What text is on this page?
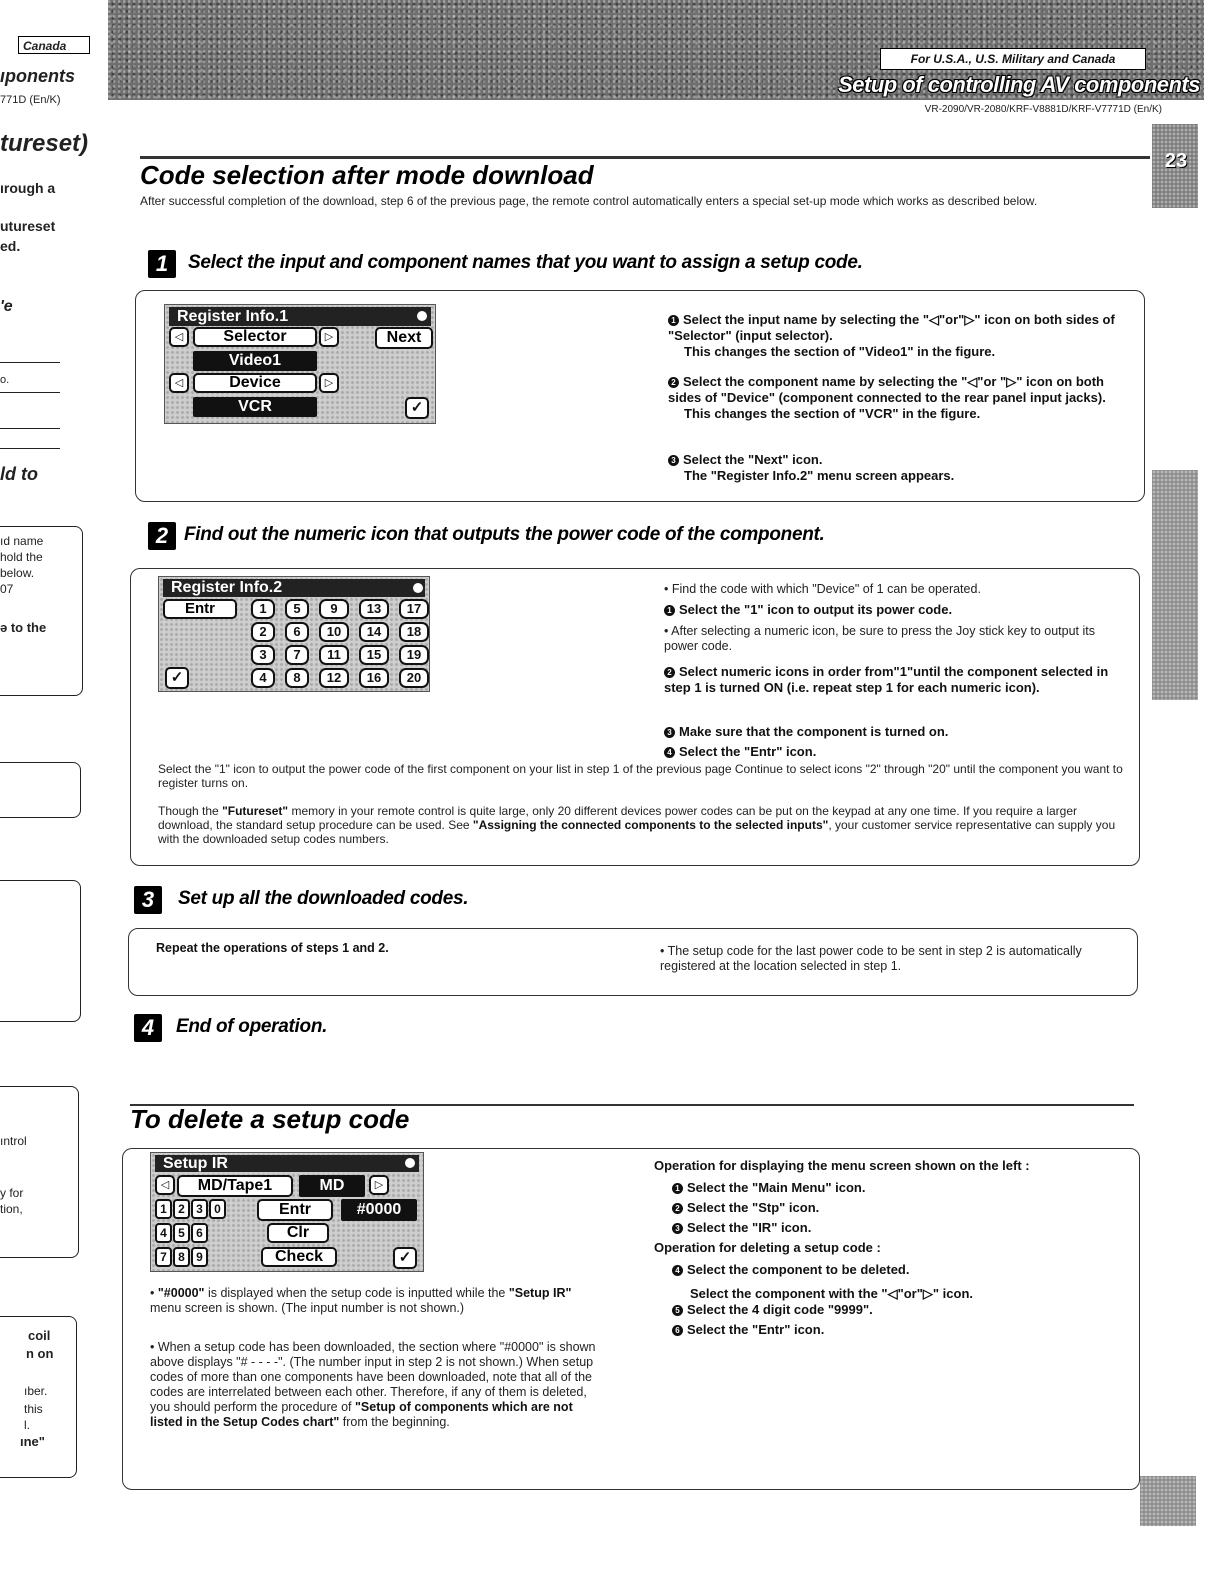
For U.S.A., U.S. Military and Canada
Setup of controlling AV components
VR-2090/VR-2080/KRF-V8881D/KRF-V7771D (En/K)
23
Canada
ıponents
771D (En/K)
tureset)
ırough a
utureset
ed.
'e
o.
ld to
ıd name
hold the
below.
07
ə to the
ıntrol
y for
tion,
coil
n on
ıber.
this
l.
ıne"
Code selection after mode download
After successful completion of the download, step 6 of the previous page, the remote control automatically enters a special set-up mode which works as described below.
1	Select the input and component names that you want to assign a setup code.
Register Info.1
◁	Selector	▷	Next
Video1
◁	Device	▷
VCR	✓
1 Select the input name by selecting the "◁"or"▷" icon on both sides of "Selector" (input selector).
This changes the section of "Video1" in the figure.
2 Select the component name by selecting the "◁"or "▷" icon on both sides of "Device" (component connected to the rear panel input jacks).
This changes the section of "VCR" in the figure.
3 Select the "Next" icon.
The "Register Info.2" menu screen appears.
2 Find out the numeric icon that outputs the power code of the component.
Register Info.2
Entr
✓
1	5	9	13	17
2	6	10	14	18
3	7	11	15	19
4	8	12	16	20
• Find the code with which "Device" of 1 can be operated.
1 Select the "1" icon to output its power code.
• After selecting a numeric icon, be sure to press the Joy stick key to output its power code.
2 Select numeric icons in order from"1"until the component selected in step 1 is turned ON (i.e. repeat step 1 for each numeric icon).
3 Make sure that the component is turned on.
4 Select the "Entr" icon.
Select the "1" icon to output the power code of the first component on your list in step 1 of the previous page Continue to select icons "2" through "20" until the component you want to register turns on.
Though the "Futureset" memory in your remote control is quite large, only 20 different devices power codes can be put on the keypad at any one time. If you require a larger download, the standard setup procedure can be used. See "Assigning the connected components to the selected inputs", your customer service representative can supply you with the downloaded setup codes numbers.
3	Set up all the downloaded codes.
Repeat the operations of steps 1 and 2.	• The setup code for the last power code to be sent in step 2 is automatically registered at the location selected in step 1.
4	End of operation.
To delete a setup code
Setup IR
◁	MD/Tape1	MD	▷
1 2 3 0
4 5 6
7 8 9
Entr	#0000
Clr
Check	✓
• "#0000" is displayed when the setup code is inputted while the "Setup IR" menu screen is shown. (The input number is not shown.)
• When a setup code has been downloaded, the section where "#0000" is shown above displays "# - - - -". (The number input in step 2 is not shown.) When setup codes of more than one components have been downloaded, note that all of the codes are interrelated between each other. Therefore, if any of them is deleted, you should perform the procedure of "Setup of components which are not listed in the Setup Codes chart" from the beginning.
Operation for displaying the menu screen shown on the left :
1 Select the "Main Menu" icon.
2 Select the "Stp" icon.
3 Select the "IR" icon.
Operation for deleting a setup code :
4 Select the component to be deleted.
Select the component with the "◁"or"▷" icon.
5 Select the 4 digit code "9999".
6 Select the "Entr" icon.
